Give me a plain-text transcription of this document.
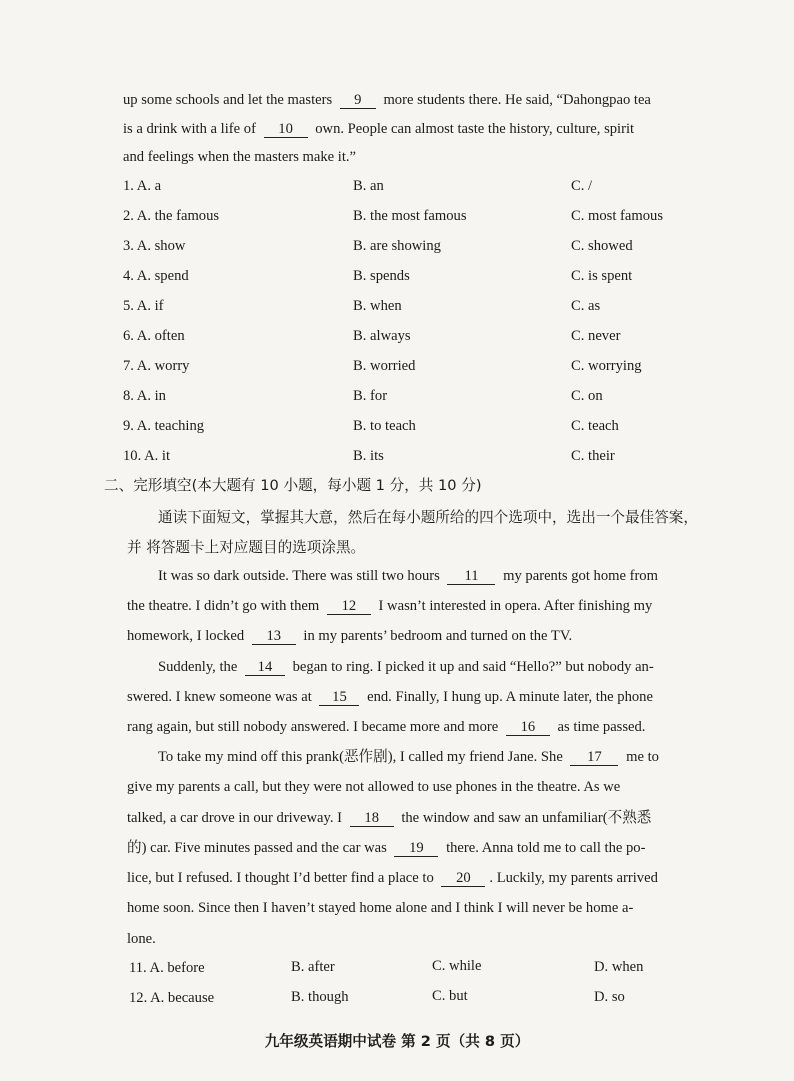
up some schools and let the masters 9 more students there. He said, “Dahongpao tea
is a drink with a life of 10 own. People can almost taste the history, culture, spirit
and feelings when the masters make it.”
1. A. a	B. an	C. /
2. A. the famous	B. the most famous	C. most famous
3. A. show	B. are showing	C. showed
4. A. spend	B. spends	C. is spent
5. A. if	B. when	C. as
6. A. often	B. always	C. never
7. A. worry	B. worried	C. worrying
8. A. in	B. for	C. on
9. A. teaching	B. to teach	C. teach
10. A. it	B. its	C. their
二、完形填空(本大题有 10 小题，每小题 1 分，共 10 分)
通读下面短文，掌握其大意，然后在每小题所给的四个选项中，选出一个最佳答案，
并 将答题卡上对应题目的选项涂黑。
It was so dark outside. There was still two hours 11 my parents got home from
the theatre. I didn’t go with them 12 I wasn’t interested in opera. After finishing my
homework, I locked 13 in my parents’ bedroom and turned on the TV.
Suddenly, the 14 began to ring. I picked it up and said “Hello?” but nobody an-
swered. I knew someone was at 15 end. Finally, I hung up. A minute later, the phone
rang again, but still nobody answered. I became more and more 16 as time passed.
To take my mind off this prank(恶作剧), I called my friend Jane. She 17 me to
give my parents a call, but they were not allowed to use phones in the theatre. As we
talked, a car drove in our driveway. I 18 the window and saw an unfamiliar(不熟悉
的) car. Five minutes passed and the car was 19 there. Anna told me to call the po-
lice, but I refused. I thought I’d better find a place to 20 . Luckily, my parents arrived
home soon. Since then I haven’t stayed home alone and I think I will never be home a-
lone.
11. A. before	B. after	C. while	D. when
12. A. because	B. though	C. but	D. so
九年级英语期中试卷 第 2 页（共 8 页）
